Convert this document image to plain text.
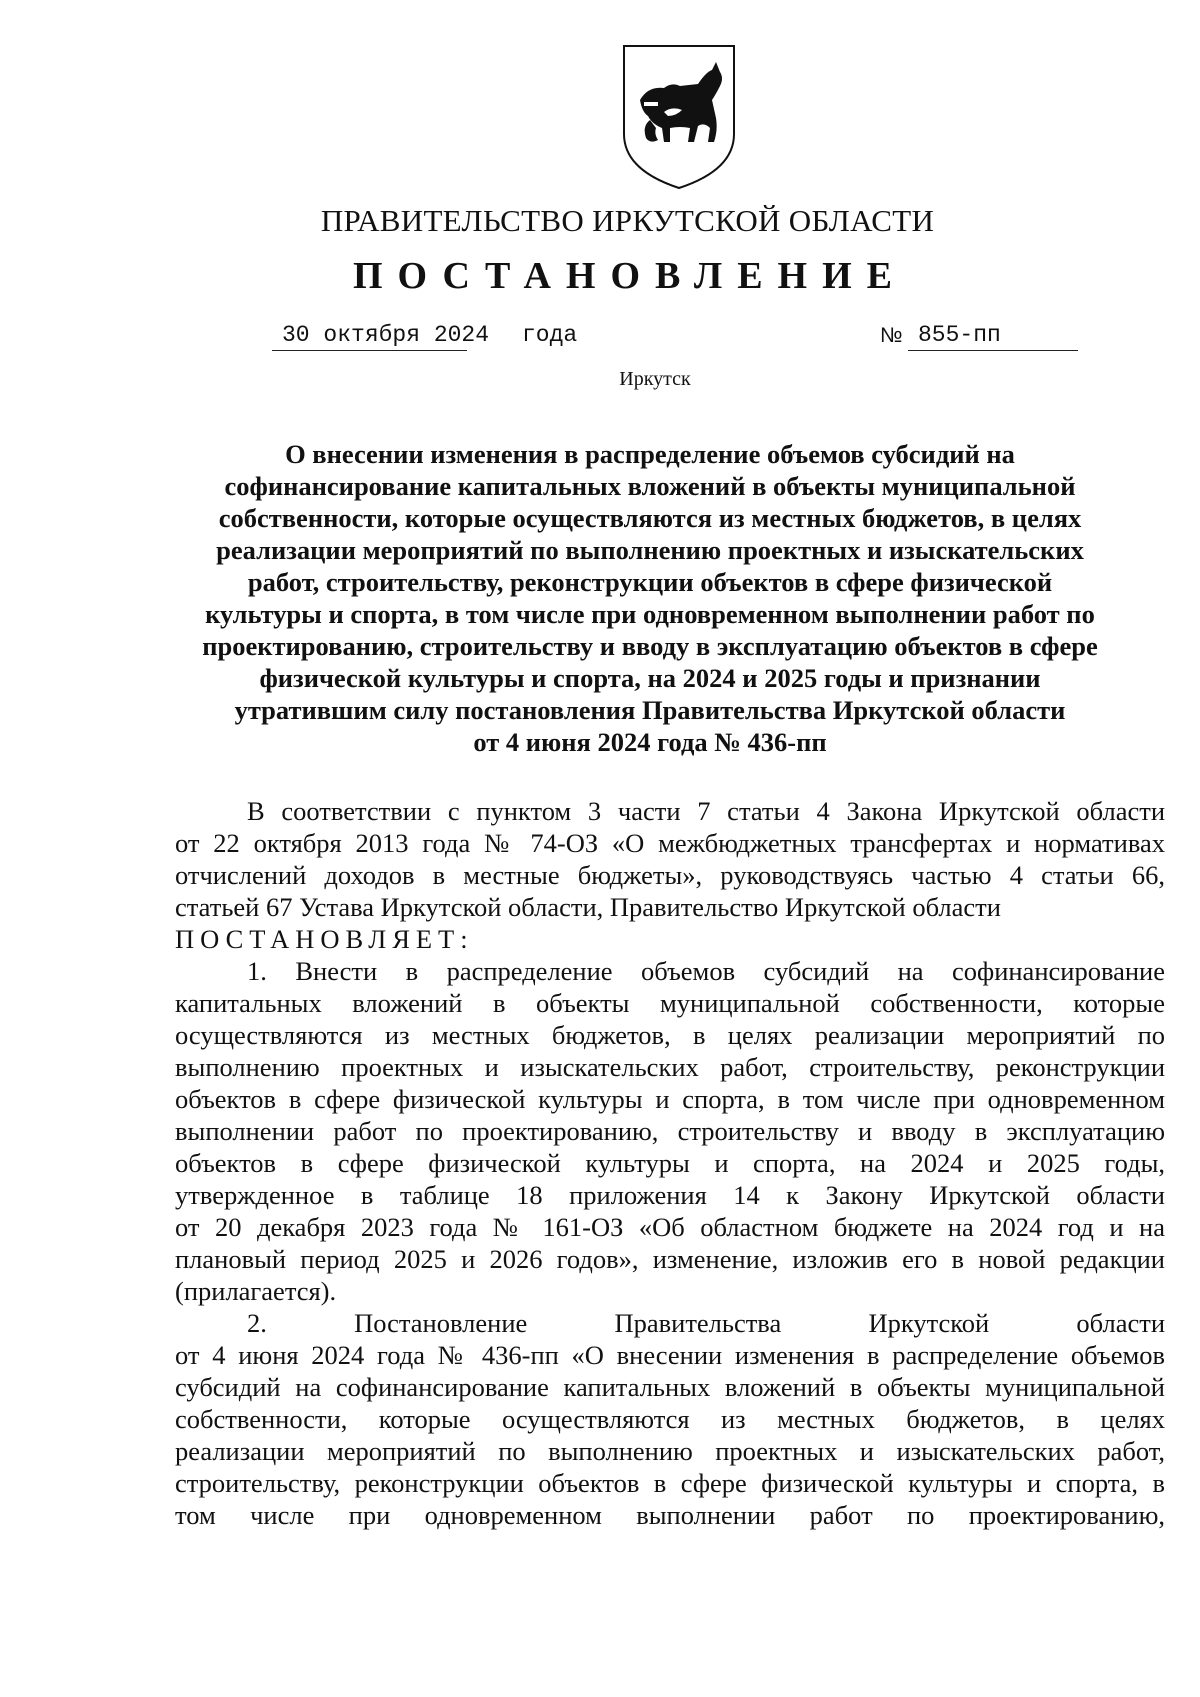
ПРАВИТЕЛЬСТВО ИРКУТСКОЙ ОБЛАСТИ
ПОСТАНОВЛЕНИЕ
30 октября 2024 года	№ 855-пп
Иркутск
О внесении изменения в распределение объемов субсидий на
софинансирование капитальных вложений в объекты муниципальной
собственности, которые осуществляются из местных бюджетов, в целях
реализации мероприятий по выполнению проектных и изыскательских
работ, строительству, реконструкции объектов в сфере физической
культуры и спорта, в том числе при одновременном выполнении работ по
проектированию, строительству и вводу в эксплуатацию объектов в сфере
физической культуры и спорта, на 2024 и 2025 годы и признании
утратившим силу постановления Правительства Иркутской области
от 4 июня 2024 года № 436-пп
В соответствии с пунктом 3 части 7 статьи 4 Закона Иркутской области
от 22 октября 2013 года № 74-ОЗ «О межбюджетных трансфертах и нормативах
отчислений доходов в местные бюджеты», руководствуясь частью 4 статьи 66,
статьей 67 Устава Иркутской области, Правительство Иркутской области
ПОСТАНОВЛЯЕТ:
1. Внести в распределение объемов субсидий на софинансирование
капитальных вложений в объекты муниципальной собственности, которые
осуществляются из местных бюджетов, в целях реализации мероприятий по
выполнению проектных и изыскательских работ, строительству, реконструкции
объектов в сфере физической культуры и спорта, в том числе при одновременном
выполнении работ по проектированию, строительству и вводу в эксплуатацию
объектов в сфере физической культуры и спорта, на 2024 и 2025 годы,
утвержденное в таблице 18 приложения 14 к Закону Иркутской области
от 20 декабря 2023 года № 161-ОЗ «Об областном бюджете на 2024 год и на
плановый период 2025 и 2026 годов», изменение, изложив его в новой редакции
(прилагается).
2. Постановление Правительства Иркутской области
от 4 июня 2024 года № 436-пп «О внесении изменения в распределение объемов
субсидий на софинансирование капитальных вложений в объекты муниципальной
собственности, которые осуществляются из местных бюджетов, в целях
реализации мероприятий по выполнению проектных и изыскательских работ,
строительству, реконструкции объектов в сфере физической культуры и спорта, в
том числе при одновременном выполнении работ по проектированию,
